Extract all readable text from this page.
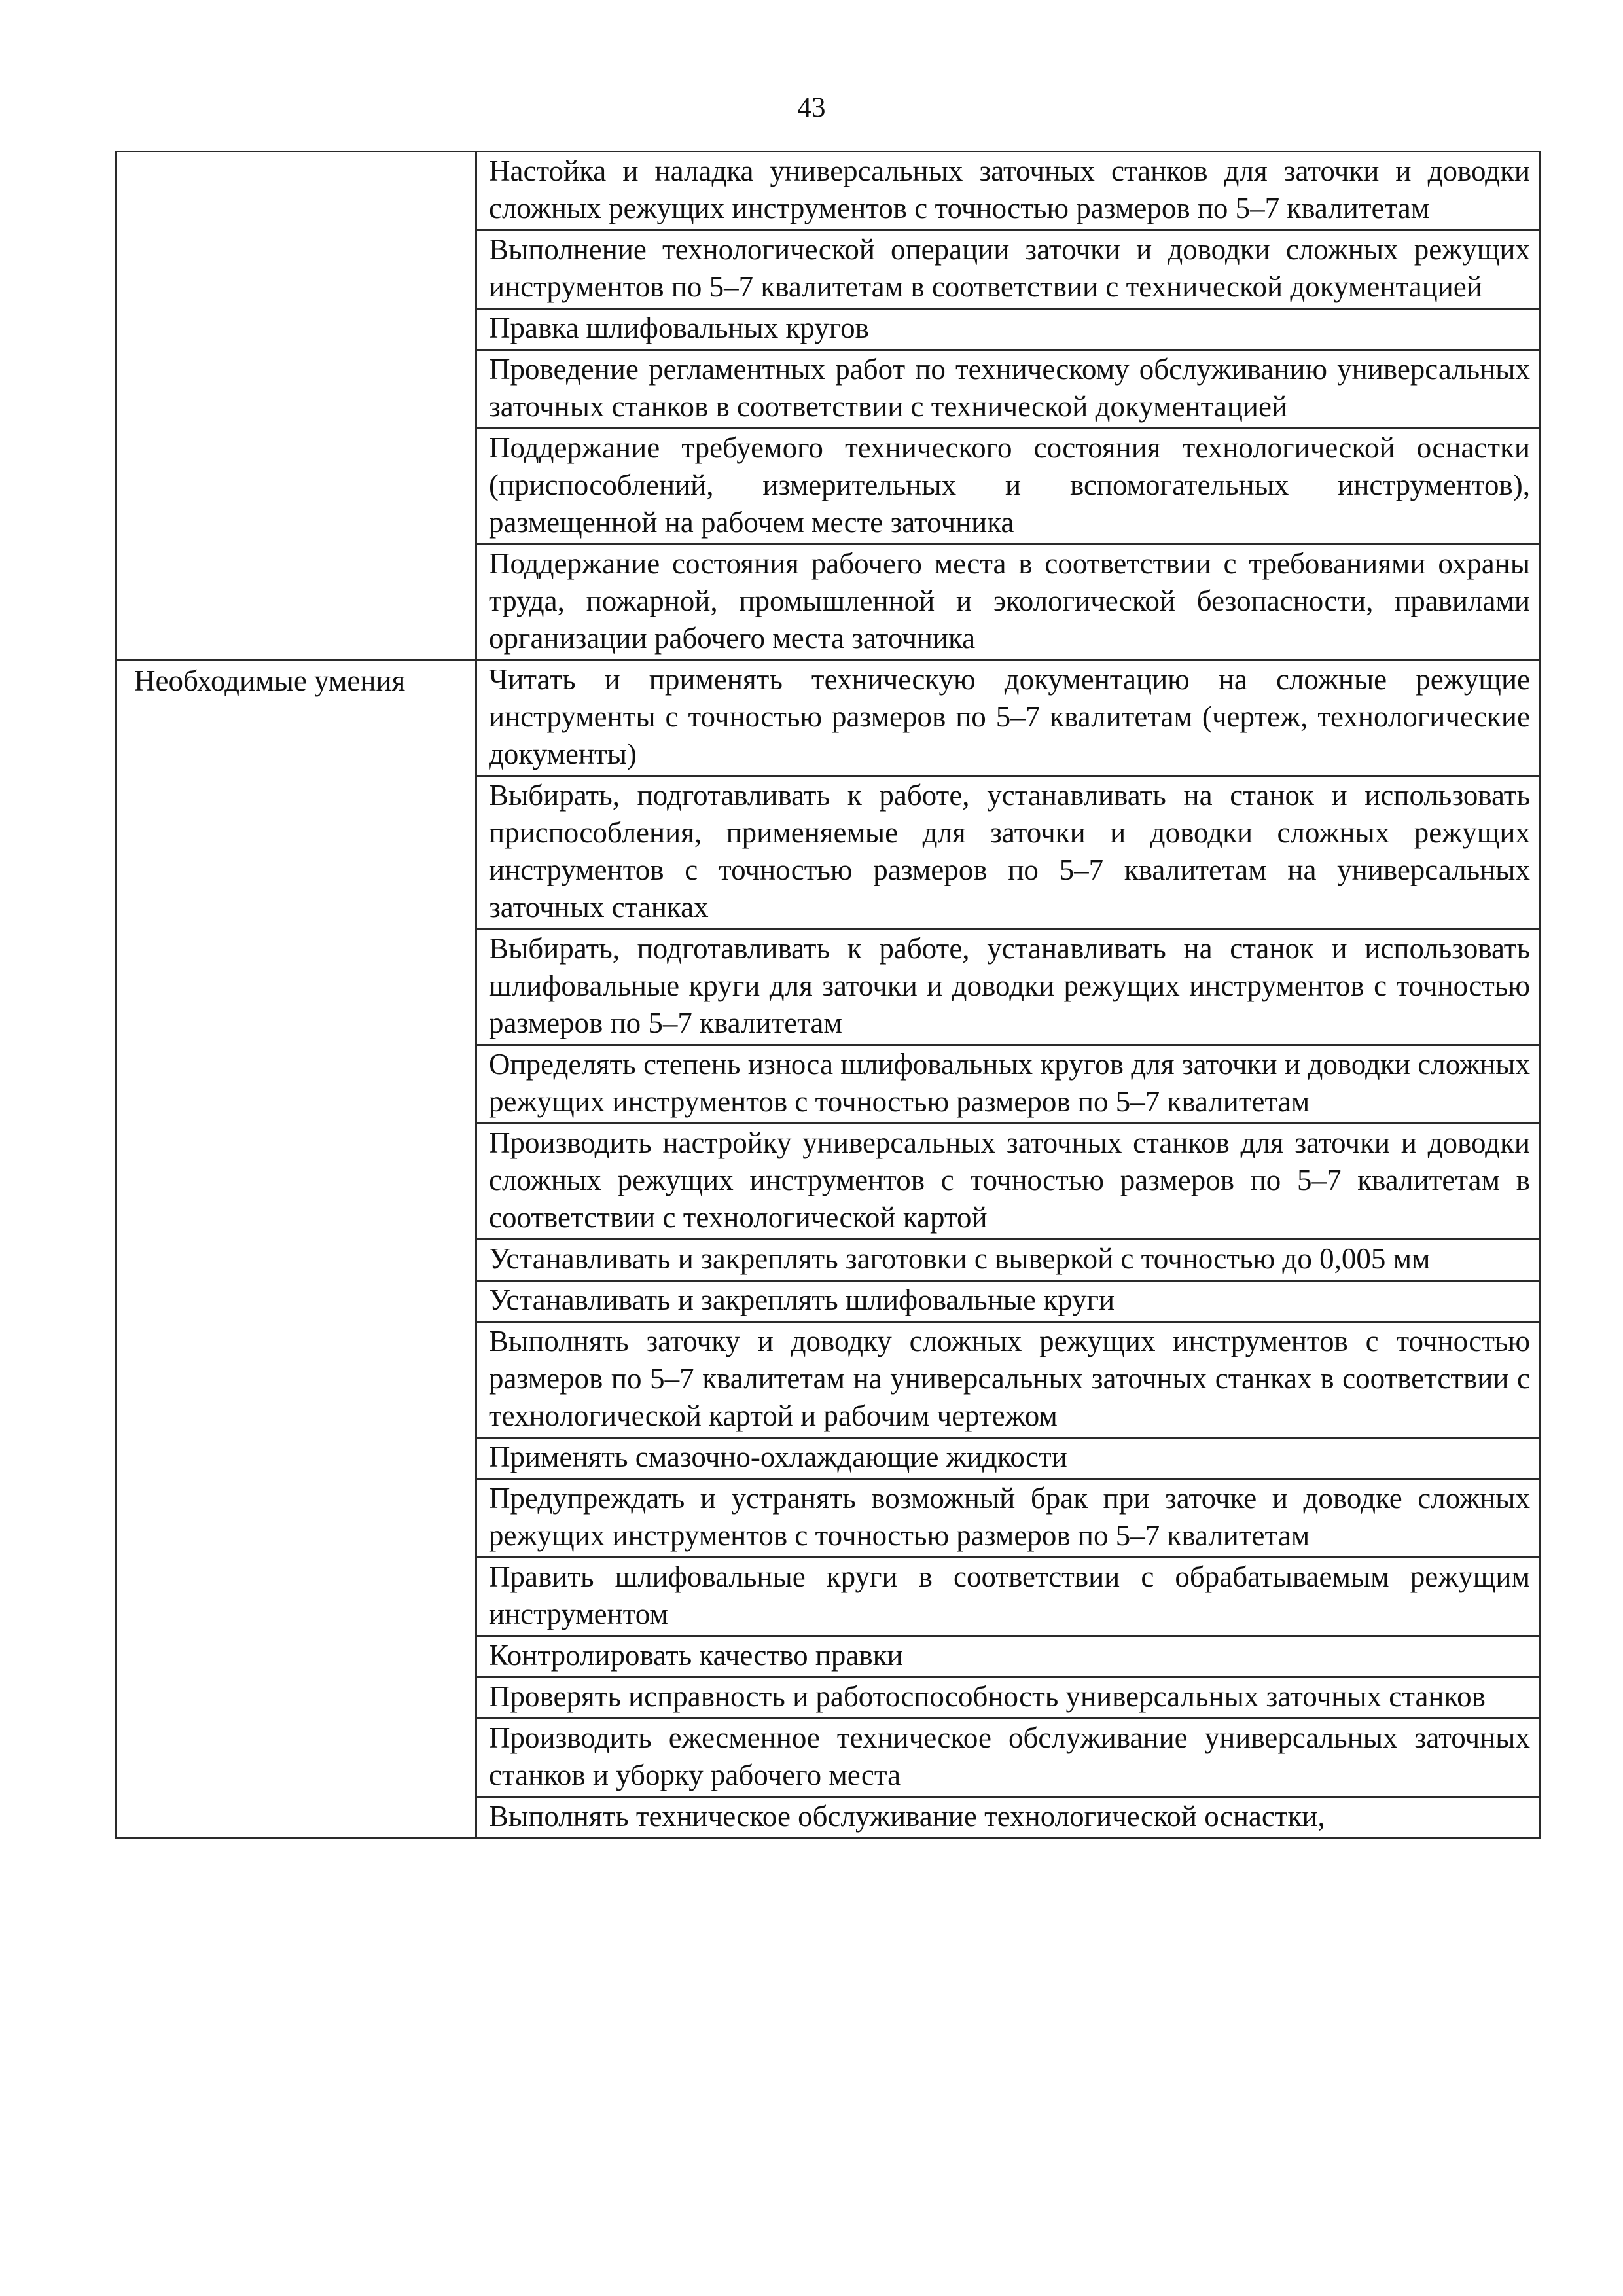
43
	Настойка и наладка универсальных заточных станков для заточки и доводки сложных режущих инструментов с точностью размеров по 5–7 квалитетам
	Выполнение технологической операции заточки и доводки сложных режущих инструментов по 5–7 квалитетам в соответствии с технической документацией
	Правка шлифовальных кругов
	Проведение регламентных работ по техническому обслуживанию универсальных заточных станков в соответствии с технической документацией
	Поддержание требуемого технического состояния технологической оснастки (приспособлений, измерительных и вспомогательных инструментов), размещенной на рабочем месте заточника
	Поддержание состояния рабочего места в соответствии с требованиями охраны труда, пожарной, промышленной и экологической безопасности, правилами организации рабочего места заточника
Необходимые умения	Читать и применять техническую документацию на сложные режущие инструменты с точностью размеров по 5–7 квалитетам (чертеж, технологические документы)
	Выбирать, подготавливать к работе, устанавливать на станок и использовать приспособления, применяемые для заточки и доводки сложных режущих инструментов с точностью размеров по 5–7 квалитетам на универсальных заточных станках
	Выбирать, подготавливать к работе, устанавливать на станок и использовать шлифовальные круги для заточки и доводки режущих инструментов с точностью размеров по 5–7 квалитетам
	Определять степень износа шлифовальных кругов для заточки и доводки сложных режущих инструментов с точностью размеров по 5–7 квалитетам
	Производить настройку универсальных заточных станков для заточки и доводки сложных режущих инструментов с точностью размеров по 5–7 квалитетам в соответствии с технологической картой
	Устанавливать и закреплять заготовки с выверкой с точностью до 0,005 мм
	Устанавливать и закреплять шлифовальные круги
	Выполнять заточку и доводку сложных режущих инструментов с точностью размеров по 5–7 квалитетам на универсальных заточных станках в соответствии с технологической картой и рабочим чертежом
	Применять смазочно-охлаждающие жидкости
	Предупреждать и устранять возможный брак при заточке и доводке сложных режущих инструментов с точностью размеров по 5–7 квалитетам
	Править шлифовальные круги в соответствии с обрабатываемым режущим инструментом
	Контролировать качество правки
	Проверять исправность и работоспособность универсальных заточных станков
	Производить ежесменное техническое обслуживание универсальных заточных станков и уборку рабочего места
	Выполнять техническое обслуживание технологической оснастки,
